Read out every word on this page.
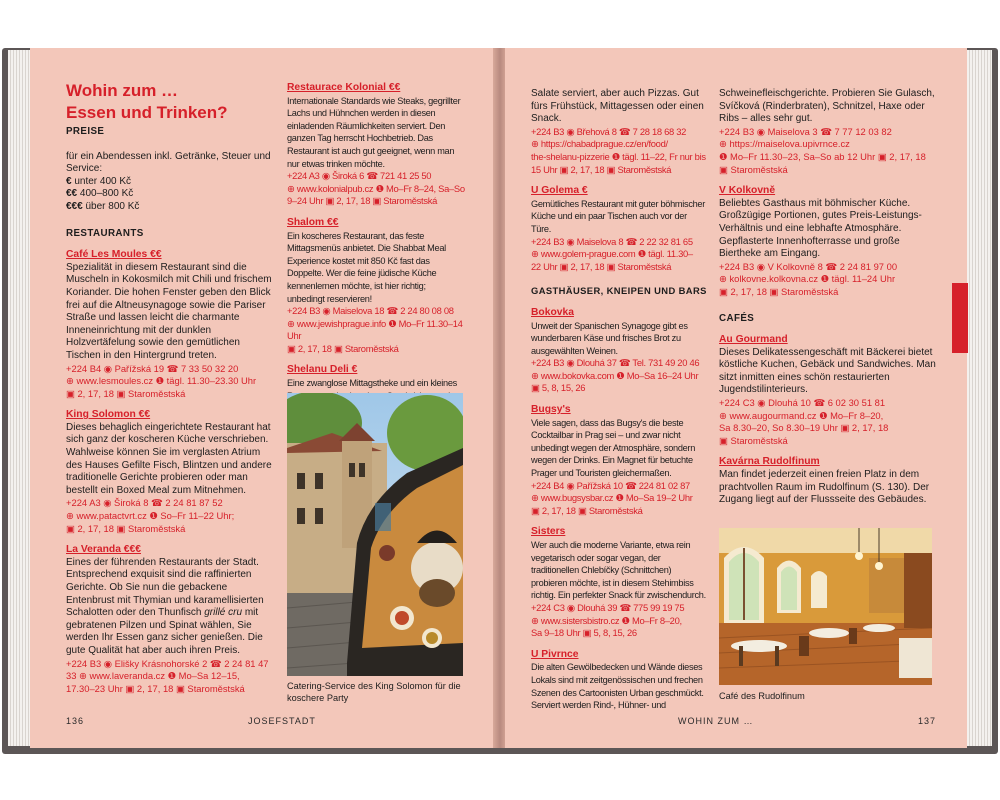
Wohin zum …
Essen und Trinken?

PREISE

für ein Abendessen inkl. Getränke, Steuer und Service:

€ unter 400 Kč

€€ 400–800 Kč

€€€ über 800 Kč

RESTAURANTS

Café Les Moules €€

Spezialität in diesem Restaurant sind die Muscheln in Kokosmilch mit Chili und frischem Koriander. Die hohen Fenster geben den Blick frei auf die Altneusynagoge sowie die Pariser Straße und lassen leicht die charmante Inneneinrichtung mit der dunklen Holzvertäfelung sowie den gemütlichen Tischen in den Hintergrund treten.

+224 B4 ◉ Pařížská 19 ☎ 7 33 50 32 20

⊕ www.lesmoules.cz ❶ tägl. 11.30–23.30 Uhr

▣ 2, 17, 18 ▣ Staroměstská

King Solomon €€

Dieses behaglich eingerichtete Restaurant hat sich ganz der koscheren Küche verschrieben. Wahlweise können Sie im verglasten Atrium des Hauses Gefilte Fisch, Blintzen und andere traditionelle Gerichte probieren oder man bestellt ein Boxed Meal zum Mitnehmen.

+224 A3 ◉ Široká 8 ☎ 2 24 81 87 52

⊕ www.patactvrt.cz ❶ So–Fr 11–22 Uhr;

▣ 2, 17, 18 ▣ Staroměstská

La Veranda €€€

Eines der führenden Restaurants der Stadt. Entsprechend exquisit sind die raffinierten Gerichte. Ob Sie nun die gebackene Entenbrust mit Thymian und karamellisierten Schalotten oder den Thunfisch grillé cru mit gebratenen Pilzen und Spinat wählen, Sie werden Ihr Essen ganz sicher genießen. Die gute Qualität hat aber auch ihren Preis.

+224 B3 ◉ Elišky Krásnohorské 2 ☎ 2 24 81 47 33 ⊕ www.laveranda.cz ❶ Mo–Sa 12–15,

17.30–23 Uhr ▣ 2, 17, 18 ▣ Staroměstská

Restaurace Kolonial €€

Internationale Standards wie Steaks, gegrillter Lachs und Hühnchen werden in diesen einladenden Räumlichkeiten serviert. Den ganzen Tag herrscht Hochbetrieb. Das Restaurant ist auch gut geeignet, wenn man nur etwas trinken möchte.

+224 A3 ◉ Široká 6 ☎ 721 41 25 50

⊕ www.kolonialpub.cz ❶ Mo–Fr 8–24, Sa–So

9–24 Uhr ▣ 2, 17, 18 ▣ Staroměstská

Shalom €€

Ein koscheres Restaurant, das feste Mittagsmenüs anbietet. Die Shabbat Meal Experience kostet mit 850 Kč fast das Doppelte. Wer die feine jüdische Küche kennenlernen möchte, ist hier richtig; unbedingt reservieren!

+224 B3 ◉ Maiselova 18 ☎ 2 24 80 08 08

⊕ www.jewishprague.info ❶ Mo–Fr 11.30–14 Uhr

▣ 2, 17, 18 ▣ Staroměstská

Shelanu Deli €

Eine zwanglose Mittagstheke und ein kleines

Catering-Service des King Solomon für die koschere Party
136	JOSEFSTADT

Salate serviert, aber auch Pizzas. Gut fürs Frühstück, Mittagessen oder einen Snack.

+224 B3 ◉ Břehová 8 ☎ 7 28 18 68 32

⊕ https://chabadprague.cz/en/food/

the-shelanu-pizzerie ❶ tägl. 11–22, Fr nur bis

15 Uhr ▣ 2, 17, 18 ▣ Staroměstská

U Golema €

Gemütliches Restaurant mit guter böhmischer Küche und ein paar Tischen auch vor der Türe.

+224 B3 ◉ Maiselova 8 ☎ 2 22 32 81 65

⊕ www.golem-prague.com ❶ tägl. 11.30–

22 Uhr ▣ 2, 17, 18 ▣ Staroměstská

GASTHÄUSER, KNEIPEN UND BARS

Bokovka

Unweit der Spanischen Synagoge gibt es wunderbaren Käse und frisches Brot zu ausgewählten Weinen.

+224 B3 ◉ Dlouhá 37 ☎ Tel. 731 49 20 46

⊕ www.bokovka.com ❶ Mo–Sa 16–24 Uhr

▣ 5, 8, 15, 26

Bugsy's

Viele sagen, dass das Bugsy's die beste Cocktailbar in Prag sei – und zwar nicht unbedingt wegen der Atmosphäre, sondern wegen der Drinks. Ein Magnet für betuchte Prager und Touristen gleichermaßen.

+224 B4 ◉ Pařížská 10 ☎ 224 81 02 87

⊕ www.bugsysbar.cz ❶ Mo–Sa 19–2 Uhr

▣ 2, 17, 18 ▣ Staroměstská

Sisters

Wer auch die moderne Variante, etwa rein vegetarisch oder sogar vegan, der traditionellen Chlebíčky (Schnittchen) probieren möchte, ist in diesem Stehimbiss richtig. Ein perfekter Snack für zwischendurch.

+224 C3 ◉ Dlouhá 39 ☎ 775 99 19 75

⊕ www.sistersbistro.cz ❶ Mo–Fr 8–20,

Sa 9–18 Uhr ▣ 5, 8, 15, 26

U Pivrnce

Die alten Gewölbedecken und Wände dieses Lokals sind mit zeitgenössischen und frechen Szenen des Cartoonisten Urban geschmückt. Serviert werden Rind-, Hühner- und

Schweinefleischgerichte. Probieren Sie Gulasch, Svíčková (Rinderbraten), Schnitzel, Haxe oder Ribs – alles sehr gut.

+224 B3 ◉ Maiselova 3 ☎ 7 77 12 03 82

⊕ https://maiselova.upivrnce.cz

❶ Mo–Fr 11.30–23, Sa–So ab 12 Uhr ▣ 2, 17, 18

▣ Staroměstská

V Kolkovně

Beliebtes Gasthaus mit böhmischer Küche. Großzügige Portionen, gutes Preis-Leistungs-Verhältnis und eine lebhafte Atmosphäre. Gepflasterte Innenhofterrasse und große Biertheke am Eingang.

+224 B3 ◉ V Kolkovně 8 ☎ 2 24 81 97 00

⊕ kolkovne.kolkovna.cz ❶ tägl. 11–24 Uhr

▣ 2, 17, 18 ▣ Staroměstská

CAFÉS

Au Gourmand

Dieses Delikatessengeschäft mit Bäckerei bietet köstliche Kuchen, Gebäck und Sandwiches. Man sitzt inmitten eines schön restaurierten Jugendstilinterieurs.

+224 C3 ◉ Dlouhá 10 ☎ 6 02 30 51 81

⊕ www.augourmand.cz ❶ Mo–Fr 8–20,

Sa 8.30–20, So 8.30–19 Uhr ▣ 2, 17, 18

▣ Staroměstská

Kavárna Rudolfinum

Man findet jederzeit einen freien Platz in dem prachtvollen Raum im Rudolfinum (S. 130). Der Zugang liegt auf der Flussseite des Gebäudes.

Café des Rudolfinum
WOHIN ZUM …	137
